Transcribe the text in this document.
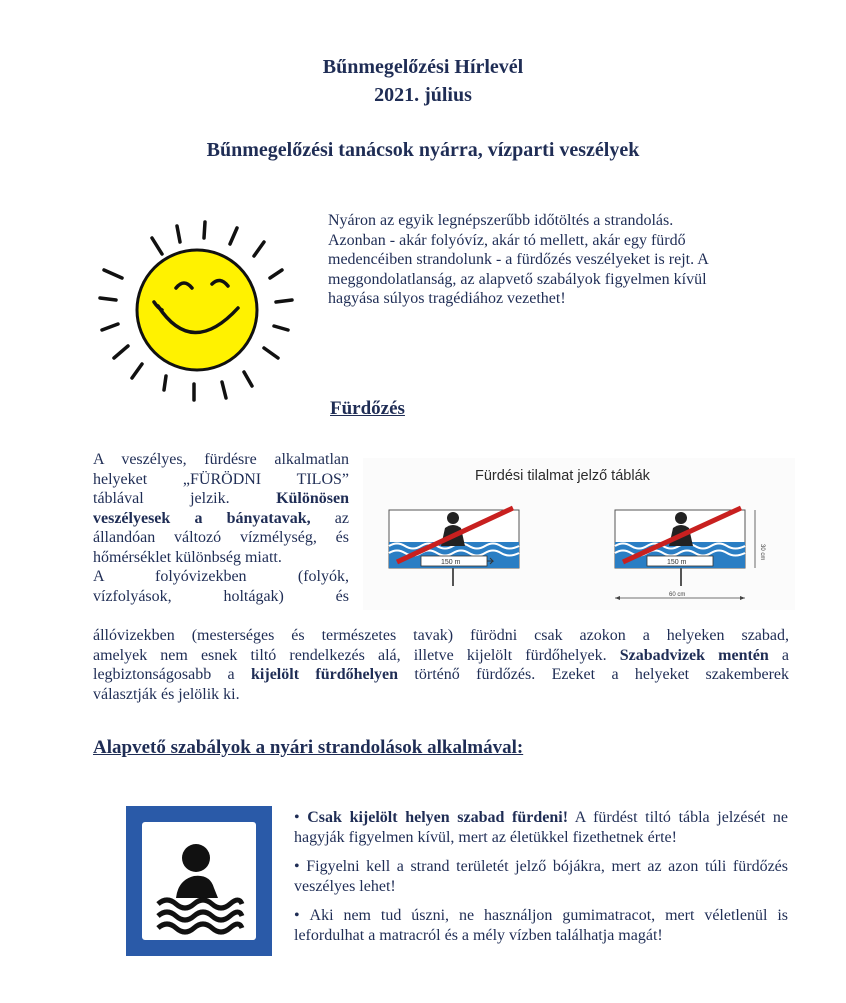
Bűnmegelőzési Hírlevél
2021. július
Bűnmegelőzési tanácsok nyárra, vízparti veszélyek
Nyáron az egyik legnépszerűbb időtöltés a strandolás.
Azonban - akár folyóvíz, akár tó mellett, akár egy fürdő
medencéiben strandolunk - a fürdőzés veszélyeket is rejt. A
meggondolatlanság, az alapvető szabályok figyelmen kívül
hagyása súlyos tragédiához vezethet!
Fürdőzés
A veszélyes, fürdésre alkalmatlan
helyeket „FÜRÖDNI TILOS”
táblával jelzik. Különösen
veszélyesek a bányatavak, az
állandóan változó vízmélység, és
hőmérséklet különbség miatt.
A folyóvizekben (folyók,
vízfolyások, holtágak) és
állóvizekben (mesterséges és természetes tavak) fürödni csak azokon a helyeken szabad,
amelyek nem esnek tiltó rendelkezés alá, illetve kijelölt fürdőhelyek. Szabadvizek mentén a
legbiztonságosabb a kijelölt fürdőhelyen történő fürdőzés. Ezeket a helyeket szakemberek
választják és jelölik ki.
Fürdési tilalmat jelző táblák
150 m	150 m
60 cm
30 cm
Alapvető szabályok a nyári strandolások alkalmával:

• Csak kijelölt helyen szabad fürdeni! A fürdést tiltó tábla jelzését ne hagyják figyelmen kívül, mert az életükkel fizethetnek érte!

• Figyelni kell a strand területét jelző bójákra, mert az azon túli fürdőzés veszélyes lehet!

• Aki nem tud úszni, ne használjon gumimatracot, mert véletlenül is lefordulhat a matracról és a mély vízben találhatja magát!
